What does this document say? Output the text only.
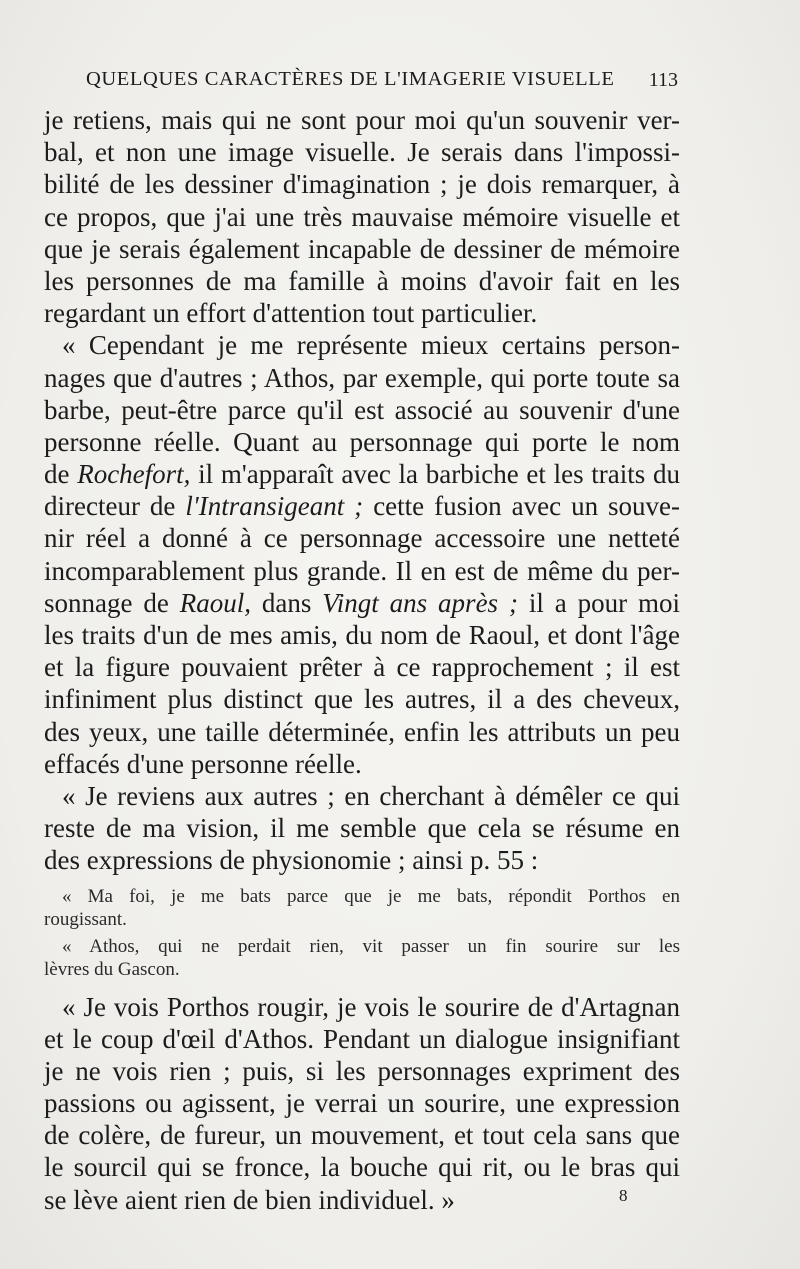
QUELQUES CARACTÈRES DE L'IMAGERIE VISUELLE 113
je retiens, mais qui ne sont pour moi qu'un souvenir ver-
bal, et non une image visuelle. Je serais dans l'impossi-
bilité de les dessiner d'imagination ; je dois remarquer, à
ce propos, que j'ai une très mauvaise mémoire visuelle et
que je serais également incapable de dessiner de mémoire
les personnes de ma famille à moins d'avoir fait en les
regardant un effort d'attention tout particulier.
« Cependant je me représente mieux certains person-
nages que d'autres ; Athos, par exemple, qui porte toute sa
barbe, peut-être parce qu'il est associé au souvenir d'une
personne réelle. Quant au personnage qui porte le nom
de Rochefort, il m'apparaît avec la barbiche et les traits du
directeur de l'Intransigeant ; cette fusion avec un souve-
nir réel a donné à ce personnage accessoire une netteté
incomparablement plus grande. Il en est de même du per-
sonnage de Raoul, dans Vingt ans après ; il a pour moi
les traits d'un de mes amis, du nom de Raoul, et dont l'âge
et la figure pouvaient prêter à ce rapprochement ; il est
infiniment plus distinct que les autres, il a des cheveux,
des yeux, une taille déterminée, enfin les attributs un peu
effacés d'une personne réelle.
« Je reviens aux autres ; en cherchant à démêler ce qui
reste de ma vision, il me semble que cela se résume en
des expressions de physionomie ; ainsi p. 55 :
« Ma foi, je me bats parce que je me bats, répondit Porthos en
rougissant.
« Athos, qui ne perdait rien, vit passer un fin sourire sur les
lèvres du Gascon.
« Je vois Porthos rougir, je vois le sourire de d'Artagnan
et le coup d'œil d'Athos. Pendant un dialogue insignifiant
je ne vois rien ; puis, si les personnages expriment des
passions ou agissent, je verrai un sourire, une expression
de colère, de fureur, un mouvement, et tout cela sans que
le sourcil qui se fronce, la bouche qui rit, ou le bras qui
se lève aient rien de bien individuel. »	8
